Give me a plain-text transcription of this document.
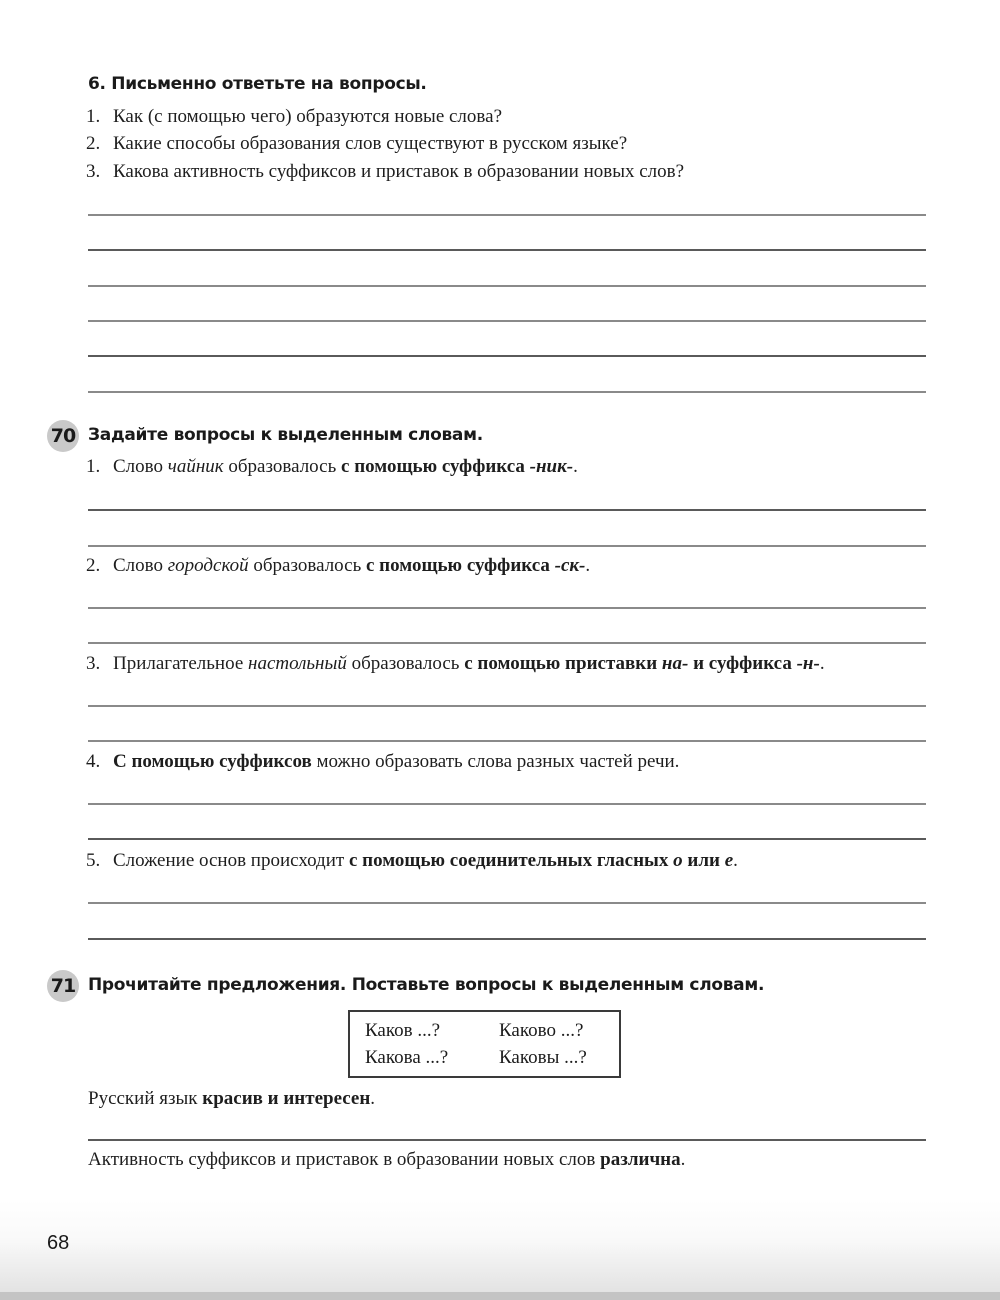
6. Письменно ответьте на вопросы.
1. Как (с помощью чего) образуются новые слова?
2. Какие способы образования слов существуют в русском языке?
3. Какова активность суффиксов и приставок в образовании новых слов?
70 Задайте вопросы к выделенным словам.
1. Слово чайник образовалось с помощью суффикса -ник-.
2. Слово городской образовалось с помощью суффикса -ск-.
3. Прилагательное настольный образовалось с помощью приставки на- и суффикса -н-.
4. С помощью суффиксов можно образовать слова разных частей речи.
5. Сложение основ происходит с помощью соединительных гласных о или е.
71 Прочитайте предложения. Поставьте вопросы к выделенным словам.
Каков ...?	Каково ...?
Какова ...?	Каковы ...?
Русский язык красив и интересен.
Активность суффиксов и приставок в образовании новых слов различна.
68
